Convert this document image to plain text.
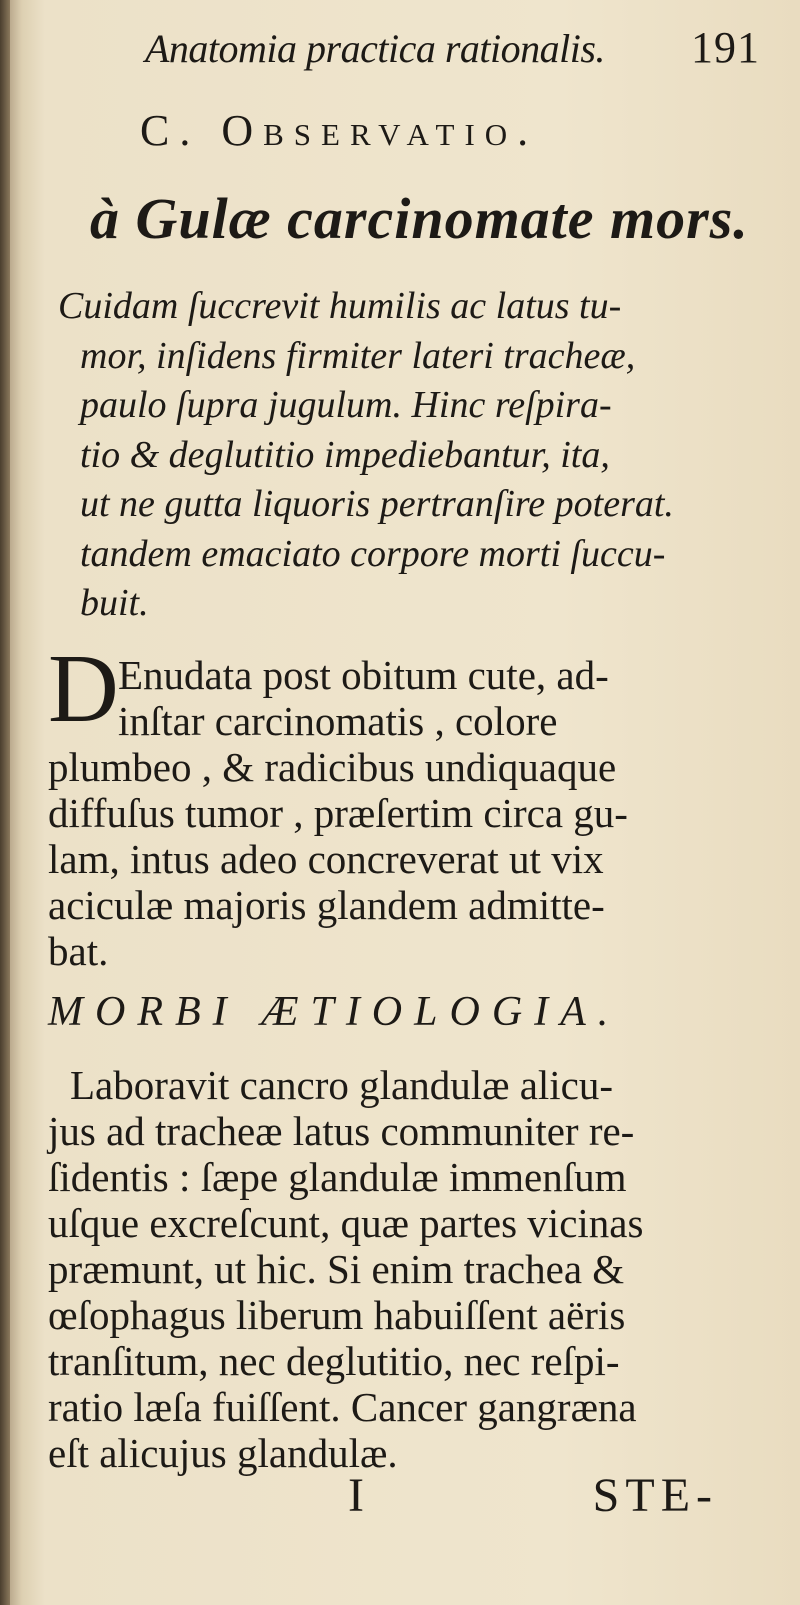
Anatomia practica rationalis. 191
C. Observatio.
à Gulæ carcinomate mors.
Cuidam ſuccrevit humilis ac latus tu-
mor, inſidens firmiter lateri tracheæ,
paulo ſupra jugulum. Hinc reſpira-
tio & deglutitio impediebantur, ita,
ut ne gutta liquoris pertranſire poterat.
tandem emaciato corpore morti ſuccu-
buit.
D Enudata post obitum cute, ad-
inſtar carcinomatis , colore
plumbeo , & radicibus undiquaque
diffuſus tumor , præſertim circa gu-
lam, intus adeo concreverat ut vix
aciculæ majoris glandem admitte-
bat.
MORBI ÆTIOLOGIA.
Laboravit cancro glandulæ alicu-
jus ad tracheæ latus communiter re-
ſidentis : ſæpe glandulæ immenſum
uſque excreſcunt, quæ partes vicinas
præmunt, ut hic. Si enim trachea &
œſophagus liberum habuiſſent aëris
tranſitum, nec deglutitio, nec reſpi-
ratio læſa fuiſſent. Cancer gangræna
eſt alicujus glandulæ.
I	STE-
